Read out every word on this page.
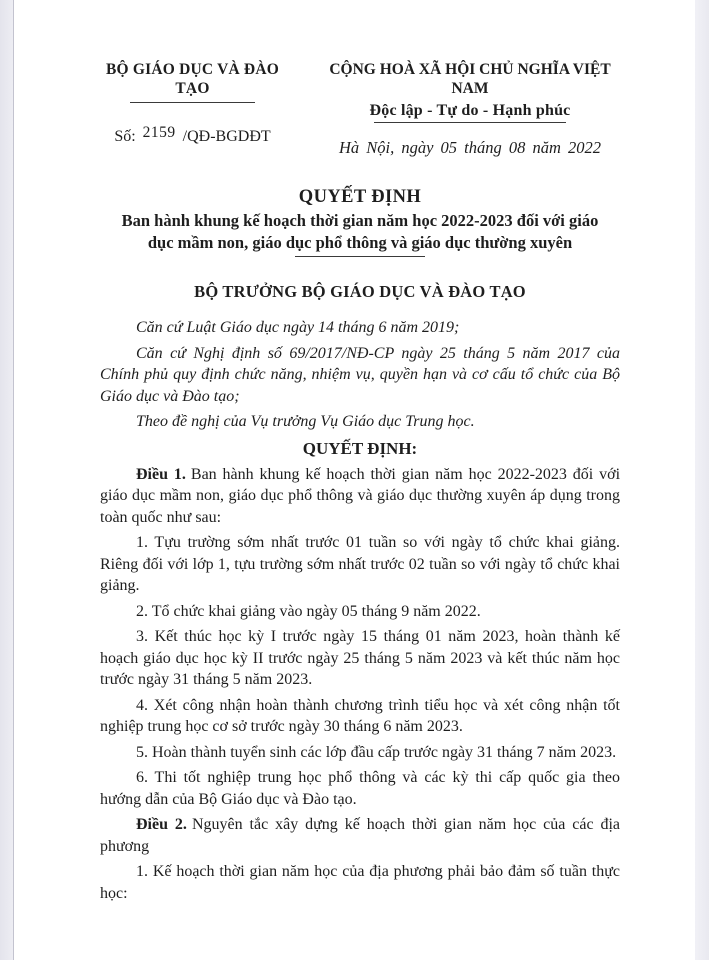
BỘ GIÁO DỤC VÀ ĐÀO TẠO
Số: 2159 /QĐ-BGDĐT
CỘNG HOÀ XÃ HỘI CHỦ NGHĨA VIỆT NAM
Độc lập - Tự do - Hạnh phúc
Hà Nội, ngày 05 tháng 08 năm 2022
QUYẾT ĐỊNH
Ban hành khung kế hoạch thời gian năm học 2022-2023 đối với giáo dục mầm non, giáo dục phổ thông và giáo dục thường xuyên
BỘ TRƯỞNG BỘ GIÁO DỤC VÀ ĐÀO TẠO

Căn cứ Luật Giáo dục ngày 14 tháng 6 năm 2019;

Căn cứ Nghị định số 69/2017/NĐ-CP ngày 25 tháng 5 năm 2017 của Chính phủ quy định chức năng, nhiệm vụ, quyền hạn và cơ cấu tổ chức của Bộ Giáo dục và Đào tạo;

Theo đề nghị của Vụ trưởng Vụ Giáo dục Trung học.

QUYẾT ĐỊNH:

Điều 1. Ban hành khung kế hoạch thời gian năm học 2022-2023 đối với giáo dục mầm non, giáo dục phổ thông và giáo dục thường xuyên áp dụng trong toàn quốc như sau:

1. Tựu trường sớm nhất trước 01 tuần so với ngày tổ chức khai giảng. Riêng đối với lớp 1, tựu trường sớm nhất trước 02 tuần so với ngày tổ chức khai giảng.

2. Tổ chức khai giảng vào ngày 05 tháng 9 năm 2022.

3. Kết thúc học kỳ I trước ngày 15 tháng 01 năm 2023, hoàn thành kế hoạch giáo dục học kỳ II trước ngày 25 tháng 5 năm 2023 và kết thúc năm học trước ngày 31 tháng 5 năm 2023.

4. Xét công nhận hoàn thành chương trình tiểu học và xét công nhận tốt nghiệp trung học cơ sở trước ngày 30 tháng 6 năm 2023.

5. Hoàn thành tuyển sinh các lớp đầu cấp trước ngày 31 tháng 7 năm 2023.

6. Thi tốt nghiệp trung học phổ thông và các kỳ thi cấp quốc gia theo hướng dẫn của Bộ Giáo dục và Đào tạo.

Điều 2. Nguyên tắc xây dựng kế hoạch thời gian năm học của các địa phương

1. Kế hoạch thời gian năm học của địa phương phải bảo đảm số tuần thực học:
